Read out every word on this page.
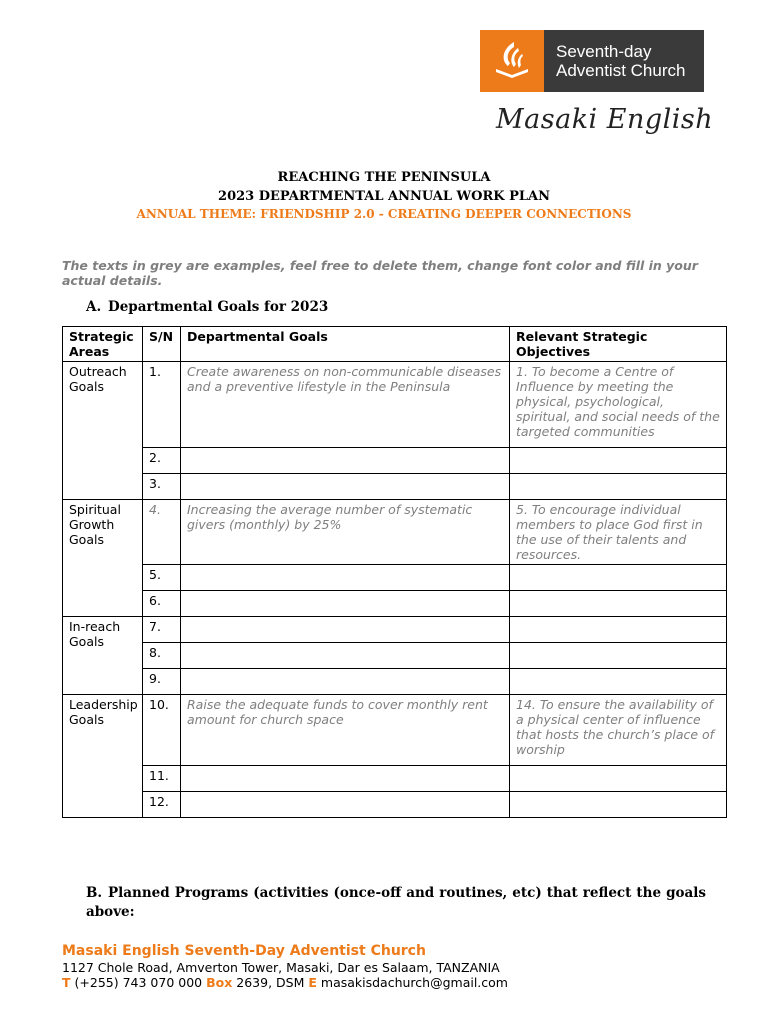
Seventh-day
Adventist Church
Masaki English
REACHING THE PENINSULA
2023 DEPARTMENTAL ANNUAL WORK PLAN
ANNUAL THEME: FRIENDSHIP 2.0 - CREATING DEEPER CONNECTIONS
The texts in grey are examples, feel free to delete them, change font color and fill in your actual details.
A. Departmental Goals for 2023
Strategic Areas	S/N	Departmental Goals	Relevant Strategic Objectives
Outreach Goals	1.	Create awareness on non-communicable diseases and a preventive lifestyle in the Peninsula	1. To become a Centre of Influence by meeting the physical, psychological, spiritual, and social needs of the targeted communities
	2.		
	3.		
Spiritual Growth Goals	4.	Increasing the average number of systematic givers (monthly) by 25%	5. To encourage individual members to place God first in the use of their talents and resources.
	5.		
	6.		
In-reach Goals	7.		
	8.		
	9.		
Leadership Goals	10.	Raise the adequate funds to cover monthly rent amount for church space	14. To ensure the availability of a physical center of influence that hosts the church’s place of worship
	11.		
	12.		
B. Planned Programs (activities (once-off and routines, etc) that reflect the goals above:
Masaki English Seventh-Day Adventist Church
1127 Chole Road, Amverton Tower, Masaki, Dar es Salaam, TANZANIA
T (+255) 743 070 000 Box 2639, DSM E masakisdachurch@gmail.com
